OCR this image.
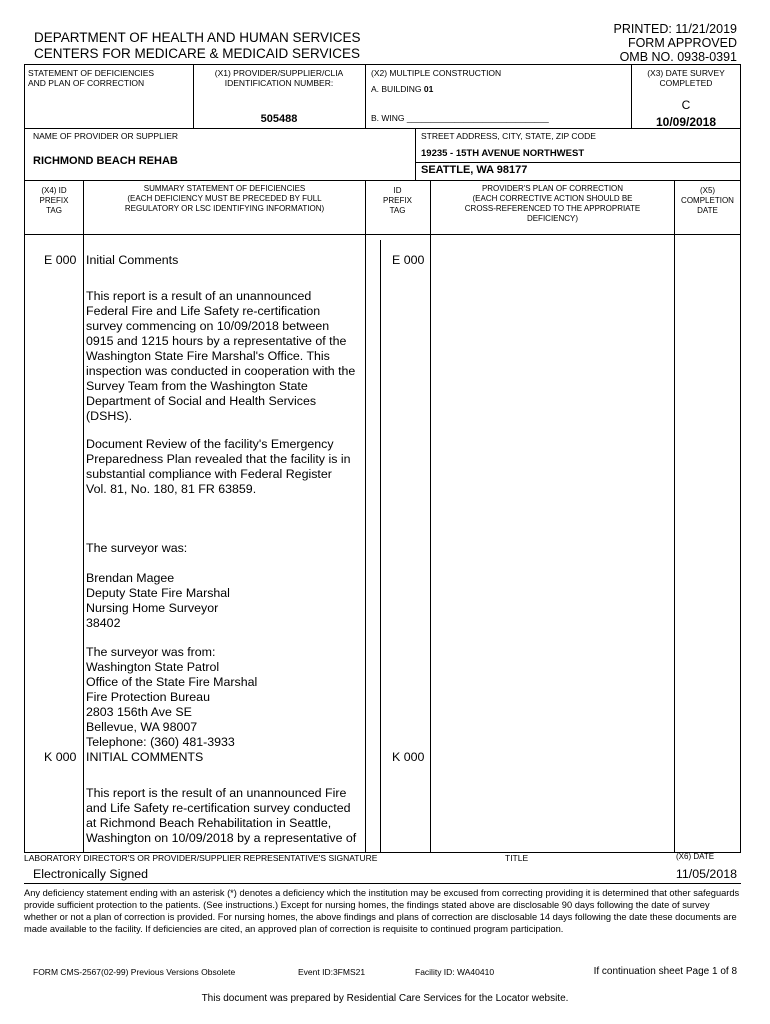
DEPARTMENT OF HEALTH AND HUMAN SERVICES
CENTERS FOR MEDICARE & MEDICAID SERVICES
PRINTED: 11/21/2019
FORM APPROVED
OMB NO. 0938-0391
STATEMENT OF DEFICIENCIES
AND PLAN OF CORRECTION
(X1) PROVIDER/SUPPLIER/CLIA
IDENTIFICATION NUMBER:
505488
(X2) MULTIPLE CONSTRUCTION
A. BUILDING 01
B. WING ______________________________
(X3) DATE SURVEY
COMPLETED
C
10/09/2018
NAME OF PROVIDER OR SUPPLIER
RICHMOND BEACH REHAB
STREET ADDRESS, CITY, STATE, ZIP CODE
19235 - 15TH AVENUE NORTHWEST
SEATTLE, WA 98177
(X4) ID
PREFIX
TAG
SUMMARY STATEMENT OF DEFICIENCIES
(EACH DEFICIENCY MUST BE PRECEDED BY FULL
REGULATORY OR LSC IDENTIFYING INFORMATION)
ID
PREFIX
TAG
PROVIDER'S PLAN OF CORRECTION
(EACH CORRECTIVE ACTION SHOULD BE
CROSS-REFERENCED TO THE APPROPRIATE
DEFICIENCY)
(X5)
COMPLETION
DATE
E 000 Initial Comments	E 000
This report is a result of an unannounced
Federal Fire and Life Safety re-certification
survey commencing on 10/09/2018 between
0915 and 1215 hours by a representative of the
Washington State Fire Marshal's Office. This
inspection was conducted in cooperation with the
Survey Team from the Washington State
Department of Social and Health Services
(DSHS).
Document Review of the facility's Emergency
Preparedness Plan revealed that the facility is in
substantial compliance with Federal Register
Vol. 81, No. 180, 81 FR 63859.
The surveyor was:
Brendan Magee
Deputy State Fire Marshal
Nursing Home Surveyor
38402
The surveyor was from:
Washington State Patrol
Office of the State Fire Marshal
Fire Protection Bureau
2803 156th Ave SE
Bellevue, WA 98007
Telephone: (360) 481-3933
K 000 INITIAL COMMENTS	K 000
This report is the result of an unannounced Fire
and Life Safety re-certification survey conducted
at Richmond Beach Rehabilitation in Seattle,
Washington on 10/09/2018 by a representative of
LABORATORY DIRECTOR'S OR PROVIDER/SUPPLIER REPRESENTATIVE'S SIGNATURE	TITLE	(X6) DATE
Electronically Signed	11/05/2018
Any deficiency statement ending with an asterisk (*) denotes a deficiency which the institution may be excused from correcting providing it is determined that other safeguards provide sufficient protection to the patients. (See instructions.) Except for nursing homes, the findings stated above are disclosable 90 days following the date of survey whether or not a plan of correction is provided. For nursing homes, the above findings and plans of correction are disclosable 14 days following the date these documents are made available to the facility. If deficiencies are cited, an approved plan of correction is requisite to continued program participation.
FORM CMS-2567(02-99) Previous Versions Obsolete	Event ID:3FMS21	Facility ID: WA40410	If continuation sheet Page 1 of 8
This document was prepared by Residential Care Services for the Locator website.
